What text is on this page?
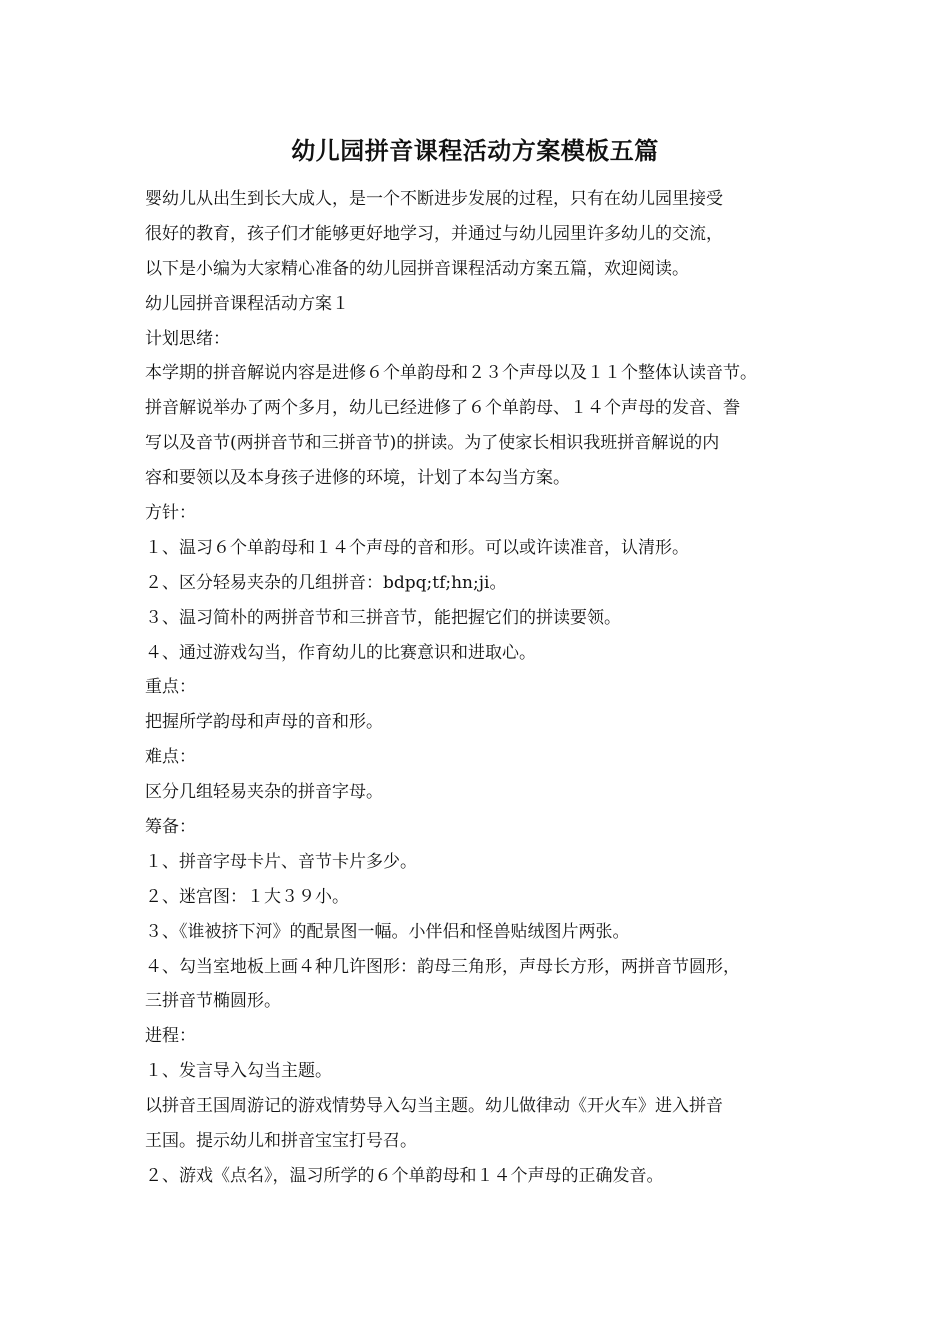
幼儿园拼音课程活动方案模板五篇
婴幼儿从出生到长大成人，是一个不断进步发展的过程，只有在幼儿园里接受
很好的教育，孩子们才能够更好地学习，并通过与幼儿园里许多幼儿的交流，
以下是小编为大家精心准备的幼儿园拼音课程活动方案五篇，欢迎阅读。
幼儿园拼音课程活动方案１
计划思绪：
本学期的拼音解说内容是进修６个单韵母和２３个声母以及１１个整体认读音节。
拼音解说举办了两个多月，幼儿已经进修了６个单韵母、１４个声母的发音、誊
写以及音节(两拼音节和三拼音节)的拼读。为了使家长相识我班拼音解说的内
容和要领以及本身孩子进修的环境，计划了本勾当方案。
方针：
１、温习６个单韵母和１４个声母的音和形。可以或许读准音，认清形。
２、区分轻易夹杂的几组拼音：bdpq;tf;hn;ji。
３、温习简朴的两拼音节和三拼音节，能把握它们的拼读要领。
４、通过游戏勾当，作育幼儿的比赛意识和进取心。
重点：
把握所学韵母和声母的音和形。
难点：
区分几组轻易夹杂的拼音字母。
筹备：
１、拼音字母卡片、音节卡片多少。
２、迷宫图：１大３９小。
３、《谁被挤下河》的配景图一幅。小伴侣和怪兽贴绒图片两张。
４、勾当室地板上画４种几许图形：韵母三角形，声母长方形，两拼音节圆形，
三拼音节椭圆形。
进程：
１、发言导入勾当主题。
以拼音王国周游记的游戏情势导入勾当主题。幼儿做律动《开火车》进入拼音
王国。提示幼儿和拼音宝宝打号召。
２、游戏《点名》，温习所学的６个单韵母和１４个声母的正确发音。
